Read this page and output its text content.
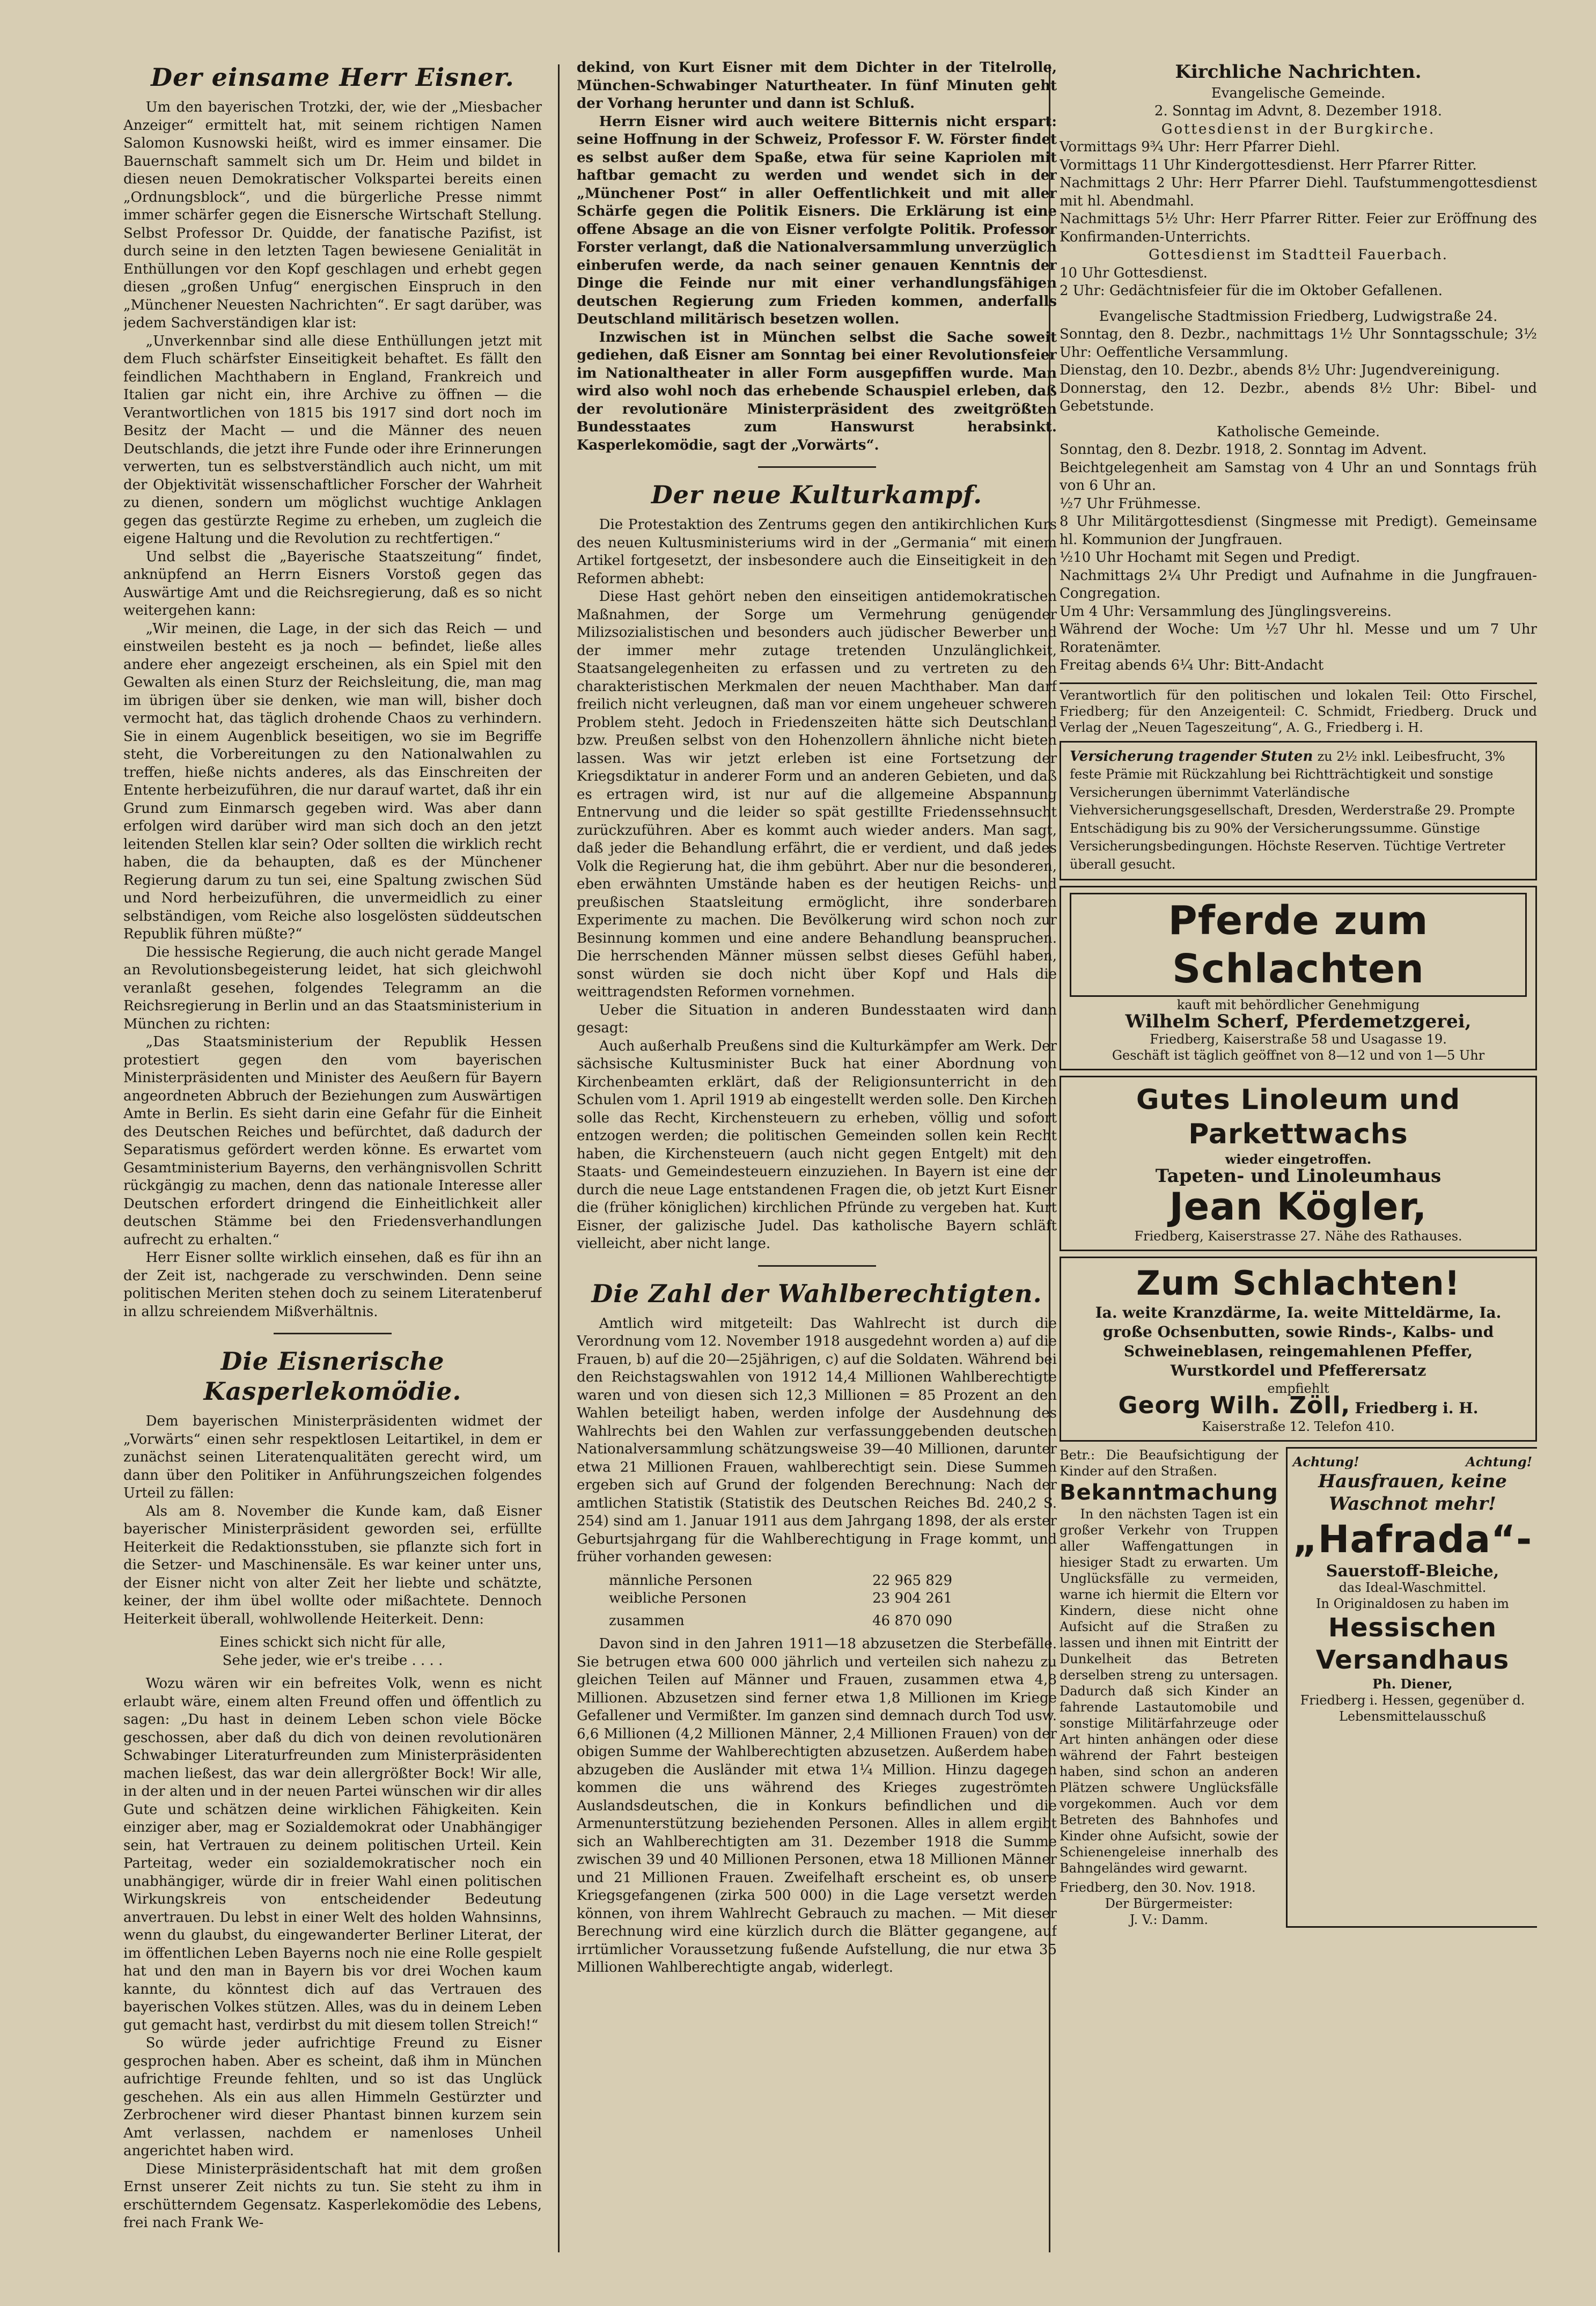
Der einsame Herr Eisner.

Um den bayerischen Trotzki, der, wie der „Miesbacher Anzeiger“ ermittelt hat, mit seinem richtigen Namen Salomon Kusnowski heißt, wird es immer einsamer. Die Bauernschaft sammelt sich um Dr. Heim und bildet in diesen neuen Demokratischer Volkspartei bereits einen „Ordnungsblock“, und die bürgerliche Presse nimmt immer schärfer gegen die Eisnersche Wirtschaft Stellung. Selbst Professor Dr. Quidde, der fanatische Pazifist, ist durch seine in den letzten Tagen bewiesene Genialität in Enthüllungen vor den Kopf geschlagen und erhebt gegen diesen „großen Unfug“ energischen Einspruch in den „Münchener Neuesten Nachrichten“. Er sagt darüber, was jedem Sachverständigen klar ist:

„Unverkennbar sind alle diese Enthüllungen jetzt mit dem Fluch schärfster Einseitigkeit behaftet. Es fällt den feindlichen Machthabern in England, Frankreich und Italien gar nicht ein, ihre Archive zu öffnen — die Verantwortlichen von 1815 bis 1917 sind dort noch im Besitz der Macht — und die Männer des neuen Deutschlands, die jetzt ihre Funde oder ihre Erinnerungen verwerten, tun es selbstverständlich auch nicht, um mit der Objektivität wissenschaftlicher Forscher der Wahrheit zu dienen, sondern um möglichst wuchtige Anklagen gegen das gestürzte Regime zu erheben, um zugleich die eigene Haltung und die Revolution zu rechtfertigen.“

Und selbst die „Bayerische Staatszeitung“ findet, anknüpfend an Herrn Eisners Vorstoß gegen das Auswärtige Amt und die Reichsregierung, daß es so nicht weitergehen kann:

„Wir meinen, die Lage, in der sich das Reich — und einstweilen besteht es ja noch — befindet, ließe alles andere eher angezeigt erscheinen, als ein Spiel mit den Gewalten als einen Sturz der Reichsleitung, die, man mag im übrigen über sie denken, wie man will, bisher doch vermocht hat, das täglich drohende Chaos zu verhindern. Sie in einem Augenblick beseitigen, wo sie im Begriffe steht, die Vorbereitungen zu den Nationalwahlen zu treffen, hieße nichts anderes, als das Einschreiten der Entente herbeizuführen, die nur darauf wartet, daß ihr ein Grund zum Einmarsch gegeben wird. Was aber dann erfolgen wird darüber wird man sich doch an den jetzt leitenden Stellen klar sein? Oder sollten die wirklich recht haben, die da behaupten, daß es der Münchener Regierung darum zu tun sei, eine Spaltung zwischen Süd und Nord herbeizuführen, die unvermeidlich zu einer selbständigen, vom Reiche also losgelösten süddeutschen Republik führen müßte?“

Die hessische Regierung, die auch nicht gerade Mangel an Revolutionsbegeisterung leidet, hat sich gleichwohl veranlaßt gesehen, folgendes Telegramm an die Reichsregierung in Berlin und an das Staatsministerium in München zu richten:

„Das Staatsministerium der Republik Hessen protestiert gegen den vom bayerischen Ministerpräsidenten und Minister des Aeußern für Bayern angeordneten Abbruch der Beziehungen zum Auswärtigen Amte in Berlin. Es sieht darin eine Gefahr für die Einheit des Deutschen Reiches und befürchtet, daß dadurch der Separatismus gefördert werden könne. Es erwartet vom Gesamtministerium Bayerns, den verhängnisvollen Schritt rückgängig zu machen, denn das nationale Interesse aller Deutschen erfordert dringend die Einheitlichkeit aller deutschen Stämme bei den Friedensverhandlungen aufrecht zu erhalten.“

Herr Eisner sollte wirklich einsehen, daß es für ihn an der Zeit ist, nachgerade zu verschwinden. Denn seine politischen Meriten stehen doch zu seinem Literatenberuf in allzu schreiendem Mißverhältnis.

Die Eisnerische Kasperlekomödie.

Dem bayerischen Ministerpräsidenten widmet der „Vorwärts“ einen sehr respektlosen Leitartikel, in dem er zunächst seinen Literatenqualitäten gerecht wird, um dann über den Politiker in Anführungszeichen folgendes Urteil zu fällen:

Als am 8. November die Kunde kam, daß Eisner bayerischer Ministerpräsident geworden sei, erfüllte Heiterkeit die Redaktionsstuben, sie pflanzte sich fort in die Setzer- und Maschinensäle. Es war keiner unter uns, der Eisner nicht von alter Zeit her liebte und schätzte, keiner, der ihm übel wollte oder mißachtete. Dennoch Heiterkeit überall, wohlwollende Heiterkeit. Denn:

Eines schickt sich nicht für alle,

Sehe jeder, wie er's treibe . . . .

Wozu wären wir ein befreites Volk, wenn es nicht erlaubt wäre, einem alten Freund offen und öffentlich zu sagen: „Du hast in deinem Leben schon viele Böcke geschossen, aber daß du dich von deinen revolutionären Schwabinger Literaturfreunden zum Ministerpräsidenten machen ließest, das war dein allergrößter Bock! Wir alle, in der alten und in der neuen Partei wünschen wir dir alles Gute und schätzen deine wirklichen Fähigkeiten. Kein einziger aber, mag er Sozialdemokrat oder Unabhängiger sein, hat Vertrauen zu deinem politischen Urteil. Kein Parteitag, weder ein sozialdemokratischer noch ein unabhängiger, würde dir in freier Wahl einen politischen Wirkungskreis von entscheidender Bedeutung anvertrauen. Du lebst in einer Welt des holden Wahnsinns, wenn du glaubst, du eingewanderter Berliner Literat, der im öffentlichen Leben Bayerns noch nie eine Rolle gespielt hat und den man in Bayern bis vor drei Wochen kaum kannte, du könntest dich auf das Vertrauen des bayerischen Volkes stützen. Alles, was du in deinem Leben gut gemacht hast, verdirbst du mit diesem tollen Streich!“

So würde jeder aufrichtige Freund zu Eisner gesprochen haben. Aber es scheint, daß ihm in München aufrichtige Freunde fehlten, und so ist das Unglück geschehen. Als ein aus allen Himmeln Gestürzter und Zerbrochener wird dieser Phantast binnen kurzem sein Amt verlassen, nachdem er namenloses Unheil angerichtet haben wird.

Diese Ministerpräsidentschaft hat mit dem großen Ernst unserer Zeit nichts zu tun. Sie steht zu ihm in erschütterndem Gegensatz. Kasperlekomödie des Lebens, frei nach Frank We-

dekind, von Kurt Eisner mit dem Dichter in der Titelrolle, München-Schwabinger Naturtheater. In fünf Minuten geht der Vorhang herunter und dann ist Schluß.

Herrn Eisner wird auch weitere Bitternis nicht erspart: seine Hoffnung in der Schweiz, Professor F. W. Förster findet es selbst außer dem Spaße, etwa für seine Kapriolen mit haftbar gemacht zu werden und wendet sich in der „Münchener Post“ in aller Oeffentlichkeit und mit aller Schärfe gegen die Politik Eisners. Die Erklärung ist eine offene Absage an die von Eisner verfolgte Politik. Professor Forster verlangt, daß die Nationalversammlung unverzüglich einberufen werde, da nach seiner genauen Kenntnis der Dinge die Feinde nur mit einer verhandlungsfähigen deutschen Regierung zum Frieden kommen, anderfalls Deutschland militärisch besetzen wollen.

Inzwischen ist in München selbst die Sache soweit gediehen, daß Eisner am Sonntag bei einer Revolutionsfeier im Nationaltheater in aller Form ausgepfiffen wurde. Man wird also wohl noch das erhebende Schauspiel erleben, daß der revolutionäre Ministerpräsident des zweitgrößten Bundesstaates zum Hanswurst herabsinkt. Kasperlekomödie, sagt der „Vorwärts“.

Der neue Kulturkampf.

Die Protestaktion des Zentrums gegen den antikirchlichen Kurs des neuen Kultusministeriums wird in der „Germania“ mit einem Artikel fortgesetzt, der insbesondere auch die Einseitigkeit in den Reformen abhebt:

Diese Hast gehört neben den einseitigen antidemokratischen Maßnahmen, der Sorge um Vermehrung genügender Milizsozialistischen und besonders auch jüdischer Bewerber und der immer mehr zutage tretenden Unzulänglichkeit, Staatsangelegenheiten zu erfassen und zu vertreten zu den charakteristischen Merkmalen der neuen Machthaber. Man darf freilich nicht verleugnen, daß man vor einem ungeheuer schweren Problem steht. Jedoch in Friedenszeiten hätte sich Deutschland bzw. Preußen selbst von den Hohenzollern ähnliche nicht bieten lassen. Was wir jetzt erleben ist eine Fortsetzung der Kriegsdiktatur in anderer Form und an anderen Gebieten, und daß es ertragen wird, ist nur auf die allgemeine Abspannung Entnervung und die leider so spät gestillte Friedenssehnsucht zurückzuführen. Aber es kommt auch wieder anders. Man sagt, daß jeder die Behandlung erfährt, die er verdient, und daß jedes Volk die Regierung hat, die ihm gebührt. Aber nur die besonderen, eben erwähnten Umstände haben es der heutigen Reichs- und preußischen Staatsleitung ermöglicht, ihre sonderbaren Experimente zu machen. Die Bevölkerung wird schon noch zur Besinnung kommen und eine andere Behandlung beanspruchen. Die herrschenden Männer müssen selbst dieses Gefühl haben, sonst würden sie doch nicht über Kopf und Hals die weittragendsten Reformen vornehmen.

Ueber die Situation in anderen Bundesstaaten wird dann gesagt:

Auch außerhalb Preußens sind die Kulturkämpfer am Werk. Der sächsische Kultusminister Buck hat einer Abordnung von Kirchenbeamten erklärt, daß der Religionsunterricht in den Schulen vom 1. April 1919 ab eingestellt werden solle. Den Kirchen solle das Recht, Kirchensteuern zu erheben, völlig und sofort entzogen werden; die politischen Gemeinden sollen kein Recht haben, die Kirchensteuern (auch nicht gegen Entgelt) mit den Staats- und Gemeindesteuern einzuziehen. In Bayern ist eine der durch die neue Lage entstandenen Fragen die, ob jetzt Kurt Eisner die (früher königlichen) kirchlichen Pfründe zu vergeben hat. Kurt Eisner, der galizische Judel. Das katholische Bayern schläft vielleicht, aber nicht lange.

Die Zahl der Wahlberechtigten.

Amtlich wird mitgeteilt: Das Wahlrecht ist durch die Verordnung vom 12. November 1918 ausgedehnt worden a) auf die Frauen, b) auf die 20—25jährigen, c) auf die Soldaten. Während bei den Reichstagswahlen von 1912 14,4 Millionen Wahlberechtigte waren und von diesen sich 12,3 Millionen = 85 Prozent an den Wahlen beteiligt haben, werden infolge der Ausdehnung des Wahlrechts bei den Wahlen zur verfassunggebenden deutschen Nationalversammlung schätzungsweise 39—40 Millionen, darunter etwa 21 Millionen Frauen, wahlberechtigt sein. Diese Summen ergeben sich auf Grund der folgenden Berechnung: Nach der amtlichen Statistik (Statistik des Deutschen Reiches Bd. 240,2 S. 254) sind am 1. Januar 1911 aus dem Jahrgang 1898, der als erster Geburtsjahrgang für die Wahlberechtigung in Frage kommt, und früher vorhanden gewesen:

männliche Personen	22 965 829
weibliche Personen	23 904 261
zusammen	46 870 090

Davon sind in den Jahren 1911—18 abzusetzen die Sterbefälle. Sie betrugen etwa 600 000 jährlich und verteilen sich nahezu zu gleichen Teilen auf Männer und Frauen, zusammen etwa 4,8 Millionen. Abzusetzen sind ferner etwa 1,8 Millionen im Kriege Gefallener und Vermißter. Im ganzen sind demnach durch Tod usw. 6,6 Millionen (4,2 Millionen Männer, 2,4 Millionen Frauen) von der obigen Summe der Wahlberechtigten abzusetzen. Außerdem haben abzugeben die Ausländer mit etwa 1¼ Million. Hinzu dagegen kommen die uns während des Krieges zugeströmten Auslandsdeutschen, die in Konkurs befindlichen und die Armenunterstützung beziehenden Personen. Alles in allem ergibt sich an Wahlberechtigten am 31. Dezember 1918 die Summe zwischen 39 und 40 Millionen Personen, etwa 18 Millionen Männer und 21 Millionen Frauen. Zweifelhaft erscheint es, ob unsere Kriegsgefangenen (zirka 500 000) in die Lage versetzt werden können, von ihrem Wahlrecht Gebrauch zu machen. — Mit dieser Berechnung wird eine kürzlich durch die Blätter gegangene, auf irrtümlicher Voraussetzung fußende Aufstellung, die nur etwa 35 Millionen Wahlberechtigte angab, widerlegt.

Kirchliche Nachrichten.

Evangelische Gemeinde.

2. Sonntag im Advnt, 8. Dezember 1918.

Gottesdienst in der Burgkirche.

Vormittags 9¾ Uhr: Herr Pfarrer Diehl.

Vormittags 11 Uhr Kindergottesdienst. Herr Pfarrer Ritter.

Nachmittags 2 Uhr: Herr Pfarrer Diehl. Taufstummengottesdienst mit hl. Abendmahl.

Nachmittags 5½ Uhr: Herr Pfarrer Ritter. Feier zur Eröffnung des Konfirmanden-Unterrichts.

Gottesdienst im Stadtteil Fauerbach.

10 Uhr Gottesdienst.

2 Uhr: Gedächtnisfeier für die im Oktober Gefallenen.

Evangelische Stadtmission Friedberg, Ludwigstraße 24.

Sonntag, den 8. Dezbr., nachmittags 1½ Uhr Sonntagsschule; 3½ Uhr: Oeffentliche Versammlung.

Dienstag, den 10. Dezbr., abends 8½ Uhr: Jugendvereinigung.

Donnerstag, den 12. Dezbr., abends 8½ Uhr: Bibel- und Gebetstunde.

Katholische Gemeinde.

Sonntag, den 8. Dezbr. 1918, 2. Sonntag im Advent.

Beichtgelegenheit am Samstag von 4 Uhr an und Sonntags früh von 6 Uhr an.

½7 Uhr Frühmesse.

8 Uhr Militärgottesdienst (Singmesse mit Predigt). Gemeinsame hl. Kommunion der Jungfrauen.

½10 Uhr Hochamt mit Segen und Predigt.

Nachmittags 2¼ Uhr Predigt und Aufnahme in die Jungfrauen-Congregation.

Um 4 Uhr: Versammlung des Jünglingsvereins.

Während der Woche: Um ½7 Uhr hl. Messe und um 7 Uhr Roratenämter.

Freitag abends 6¼ Uhr: Bitt-Andacht

Verantwortlich für den politischen und lokalen Teil: Otto Firschel, Friedberg; für den Anzeigenteil: C. Schmidt, Friedberg. Druck und Verlag der „Neuen Tageszeitung“, A. G., Friedberg i. H.

Versicherung tragender Stuten zu 2½ inkl. Leibesfrucht, 3% feste Prämie mit Rückzahlung bei Richtträchtigkeit und sonstige Versicherungen übernimmt Vaterländische Viehversicherungsgesellschaft, Dresden, Werderstraße 29. Prompte Entschädigung bis zu 90% der Versicherungssumme. Günstige Versicherungsbedingungen. Höchste Reserven. Tüchtige Vertreter überall gesucht.
Pferde zum Schlachten
kauft mit behördlicher Genehmigung
Wilhelm Scherf, Pferdemetzgerei,
Friedberg, Kaiserstraße 58 und Usagasse 19.
Geschäft ist täglich geöffnet von 8—12 und von 1—5 Uhr
Gutes Linoleum und Parkettwachs
wieder eingetroffen.
Tapeten- und Linoleumhaus
Jean Kögler,
Friedberg, Kaiserstrasse 27. Nähe des Rathauses.
Zum Schlachten!
Ia. weite Kranzdärme, Ia. weite Mitteldärme, Ia. große Ochsenbutten, sowie Rinds-, Kalbs- und Schweineblasen, reingemahlenen Pfeffer, Wurstkordel und Pfefferersatz
empfiehlt
Georg Wilh. Zöll, Friedberg i. H.
Kaiserstraße 12. Telefon 410.

Betr.: Die Beaufsichtigung der Kinder auf den Straßen.

Bekanntmachung

In den nächsten Tagen ist ein großer Verkehr von Truppen aller Waffengattungen in hiesiger Stadt zu erwarten. Um Unglücksfälle zu vermeiden, warne ich hiermit die Eltern vor Kindern, diese nicht ohne Aufsicht auf die Straßen zu lassen und ihnen mit Eintritt der Dunkelheit das Betreten derselben streng zu untersagen. Dadurch daß sich Kinder an fahrende Lastautomobile und sonstige Militärfahrzeuge oder Art hinten anhängen oder diese während der Fahrt besteigen haben, sind schon an anderen Plätzen schwere Unglücksfälle vorgekommen. Auch vor dem Betreten des Bahnhofes und Kinder ohne Aufsicht, sowie der Schienengeleise innerhalb des Bahngeländes wird gewarnt.

Friedberg, den 30. Nov. 1918.

Der Bürgermeister:

J. V.: Damm.

Achtung!	Achtung!
Hausfrauen, keine Waschnot mehr!
„Hafrada“-
Sauerstoff-Bleiche,
das Ideal-Waschmittel.
In Originaldosen zu haben im
Hessischen Versandhaus
Ph. Diener,
Friedberg i. Hessen, gegenüber d. Lebensmittelausschuß
